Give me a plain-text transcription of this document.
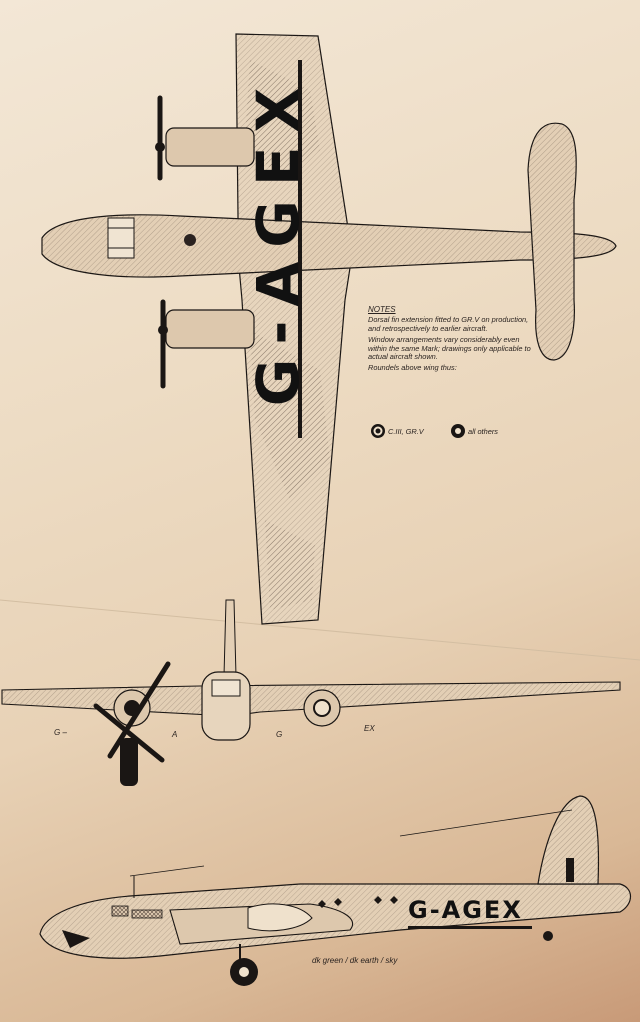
G-AGEX	NOTES

Dorsal fin extension fitted to GR.V on production, and retrospectively to earlier aircraft.

Window arrangements vary considerably even within the same Mark; drawings only applicable to actual aircraft shown.

Roundels above wing thus:

C.III, GR.V	all others
G –	A	G
EX
G-AGEX
dk green / dk earth / sky
